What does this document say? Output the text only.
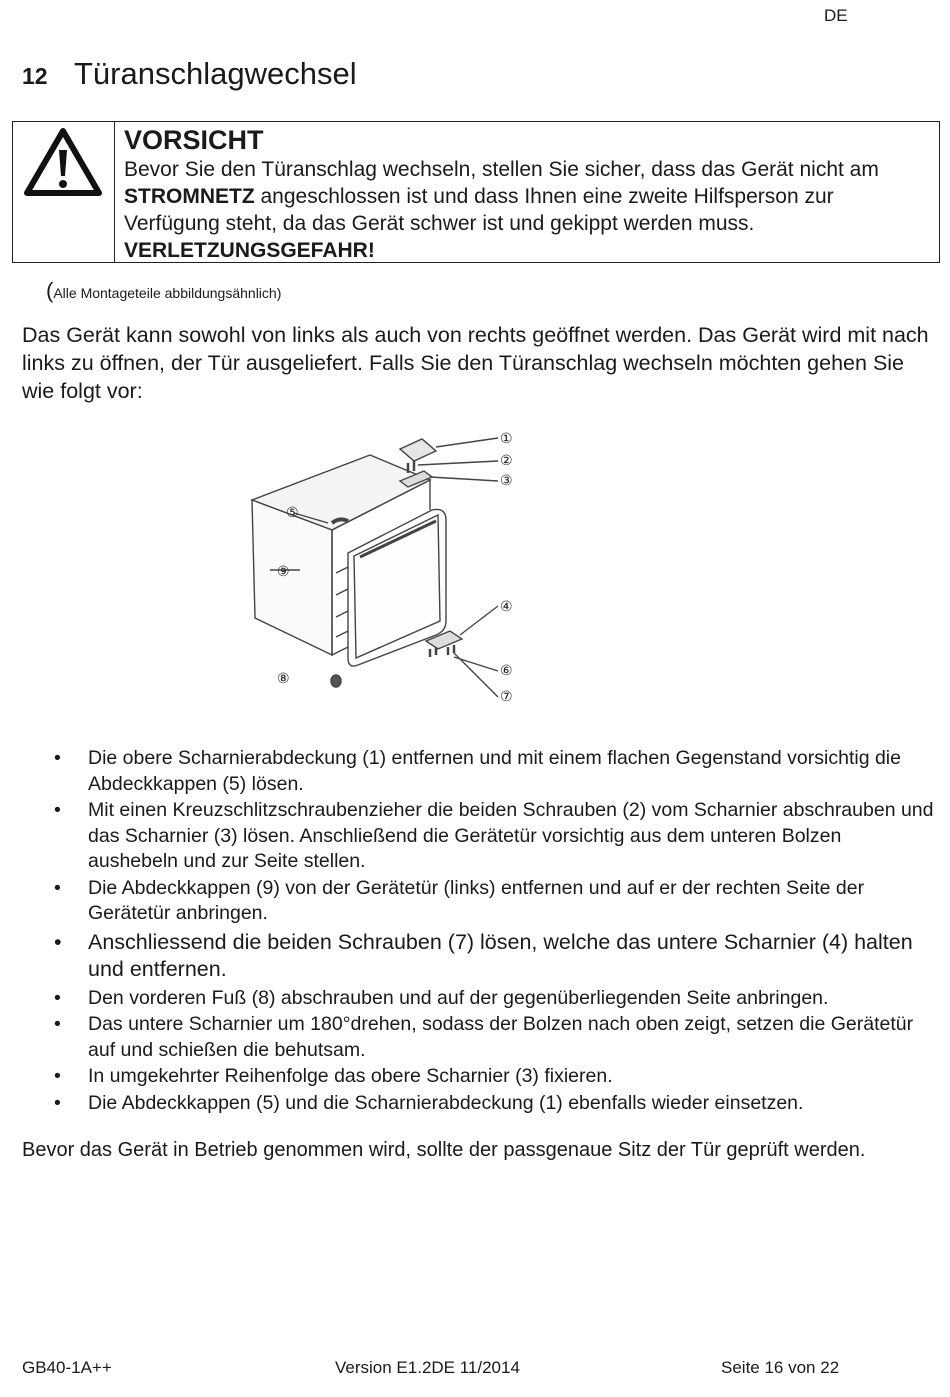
DE
12 Türanschlagwechsel
VORSICHT
Bevor Sie den Türanschlag wechseln, stellen Sie sicher, dass das Gerät nicht am STROMNETZ angeschlossen ist und dass Ihnen eine zweite Hilfsperson zur Verfügung steht, da das Gerät schwer ist und gekippt werden muss. VERLETZUNGSGEFAHR!
(Alle Montageteile abbildungsähnlich)
Das Gerät kann sowohl von links als auch von rechts geöffnet werden. Das Gerät wird mit nach links zu öffnen, der Tür ausgeliefert. Falls Sie den Türanschlag wechseln möchten gehen Sie wie folgt vor:
①
②
③
④
⑤
⑥
⑦
⑧
⑨
• Die obere Scharnierabdeckung (1) entfernen und mit einem flachen Gegenstand vorsichtig die Abdeckkappen (5) lösen.
• Mit einen Kreuzschlitzschraubenzieher die beiden Schrauben (2) vom Scharnier abschrauben und das Scharnier (3) lösen. Anschließend die Gerätetür vorsichtig aus dem unteren Bolzen aushebeln und zur Seite stellen.
• Die Abdeckkappen (9) von der Gerätetür (links) entfernen und auf er der rechten Seite der Gerätetür anbringen.
• Anschliessend die beiden Schrauben (7) lösen, welche das untere Scharnier (4) halten und entfernen.
• Den vorderen Fuß (8) abschrauben und auf der gegenüberliegenden Seite anbringen.
• Das untere Scharnier um 180°drehen, sodass der Bolzen nach oben zeigt, setzen die Gerätetür auf und schießen die behutsam.
• In umgekehrter Reihenfolge das obere Scharnier (3) fixieren.
• Die Abdeckkappen (5) und die Scharnierabdeckung (1) ebenfalls wieder einsetzen.
Bevor das Gerät in Betrieb genommen wird, sollte der passgenaue Sitz der Tür geprüft werden.
GB40-1A++	Version E1.2DE 11/2014	Seite 16 von 22
